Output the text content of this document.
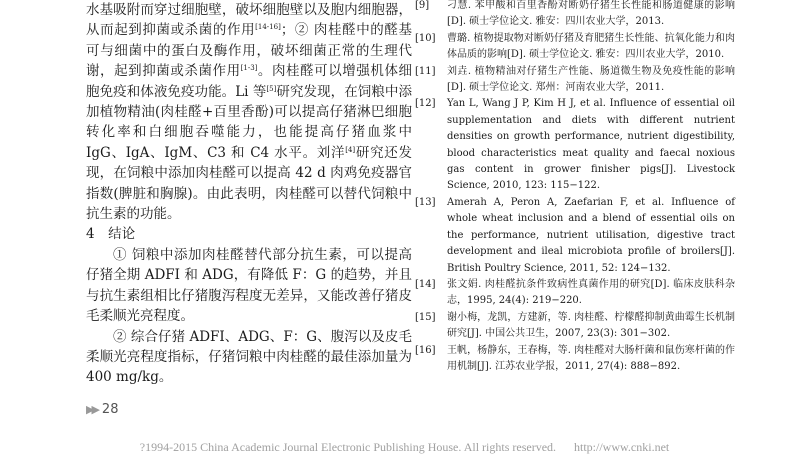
水基吸附而穿过细胞壁，破坏细胞壁以及胞内细胞器，从而起到抑菌或杀菌的作用[14-16]；② 肉桂醛中的醛基可与细菌中的蛋白及酶作用，破坏细菌正常的生理代谢，起到抑菌或杀菌作用[1-3]。肉桂醛可以增强机体细胞免疫和体液免疫功能。Li 等[5]研究发现，在饲粮中添加植物精油(肉桂醛+百里香酚)可以提高仔猪淋巴细胞转化率和白细胞吞噬能力，也能提高仔猪血浆中 IgG、IgA、IgM、C3 和 C4 水平。刘洋[4]研究还发现，在饲粮中添加肉桂醛可以提高 42 d 肉鸡免疫器官指数(脾脏和胸腺)。由此表明，肉桂醛可以替代饲粮中抗生素的功能。

4　结论

① 饲粮中添加肉桂醛替代部分抗生素，可以提高仔猪全期 ADFI 和 ADG，有降低 F：G 的趋势，并且与抗生素组相比仔猪腹泻程度无差异，又能改善仔猪皮毛柔顺光亮程度。

② 综合仔猪 ADFI、ADG、F：G、腹泻以及皮毛柔顺光亮程度指标，仔猪饲粮中肉桂醛的最佳添加量为 400 mg/kg。

[9] 刁慧. 苯甲酸和百里香酚对断奶仔猪生长性能和肠道健康的影响[D]. 硕士学位论文. 雅安：四川农业大学，2013.
[10] 曹璐. 植物提取物对断奶仔猪及育肥猪生长性能、抗氧化能力和肉体品质的影响[D]. 硕士学位论文. 雅安：四川农业大学，2010.
[11] 刘垚. 植物精油对仔猪生产性能、肠道微生物及免疫性能的影响[D]. 硕士学位论文. 郑州：河南农业大学，2011.
[12] Yan L, Wang J P, Kim H J, et al. Influence of essential oil supplementation and diets with different nutrient densities on growth performance, nutrient digestibility, blood characteristics meat quality and faecal noxious gas content in grower finisher pigs[J]. Livestock Science, 2010, 123: 115−122.
[13] Amerah A, Peron A, Zaefarian F, et al. Influence of whole wheat inclusion and a blend of essential oils on the performance, nutrient utilisation, digestive tract development and ileal microbiota profile of broilers[J]. British Poultry Science, 2011, 52: 124−132.
[14] 张文娟. 肉桂醛抗条件致病性真菌作用的研究[D]. 临床皮肤科杂志，1995, 24(4): 219−220.
[15] 谢小梅，龙凯，方建新，等. 肉桂醛、柠檬醛抑制黄曲霉生长机制研究[J]. 中国公共卫生，2007, 23(3): 301−302.
[16] 王帆，杨静东，王春梅，等. 肉桂醛对大肠杆菌和鼠伤寒杆菌的作用机制[J]. 江苏农业学报，2011, 27(4): 888−892.
▶▶ 28
?1994-2015 China Academic Journal Electronic Publishing House. All rights reserved. http://www.cnki.net
